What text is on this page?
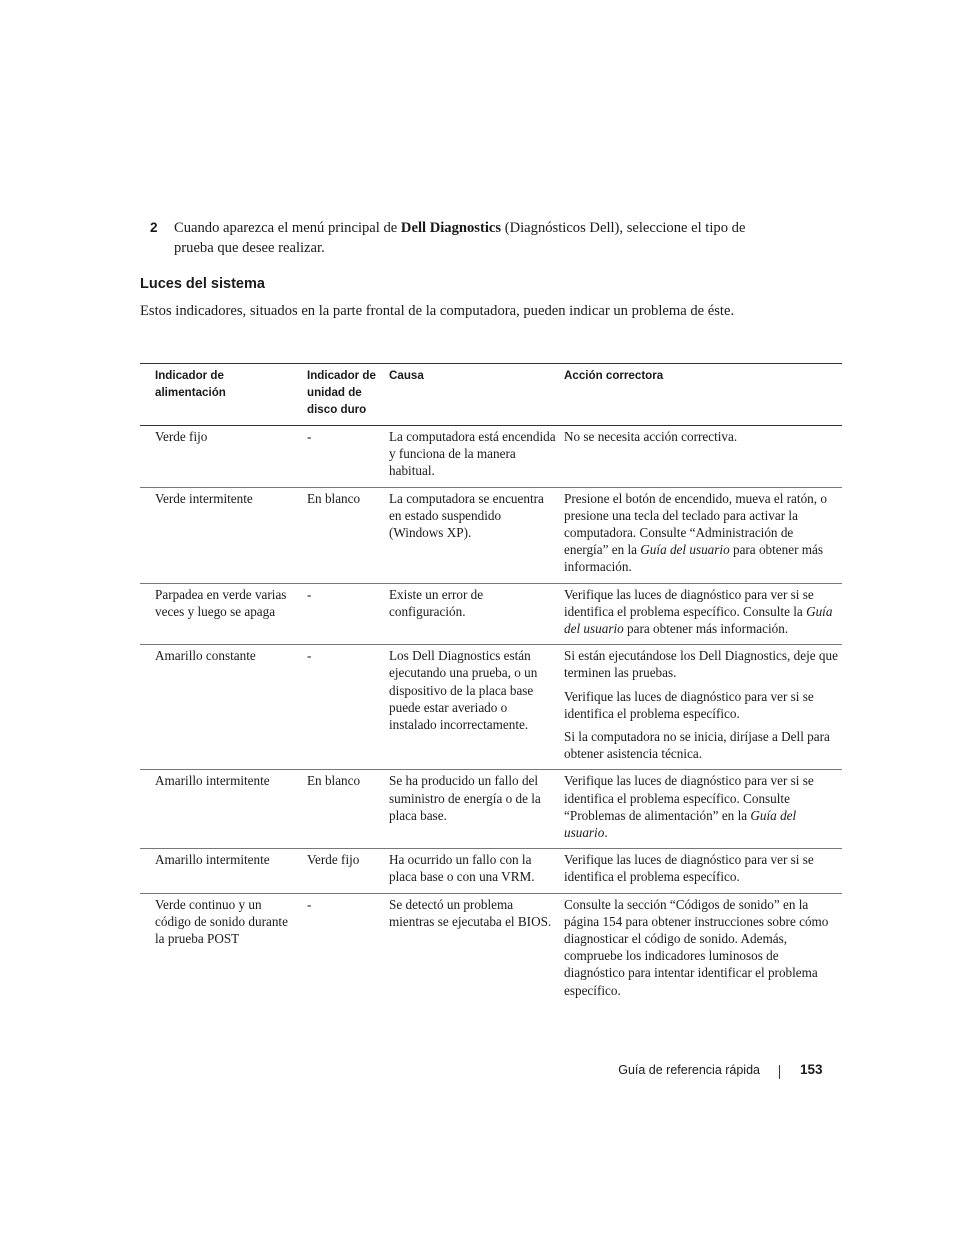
2 Cuando aparezca el menú principal de Dell Diagnostics (Diagnósticos Dell), seleccione el tipo de prueba que desee realizar.
Luces del sistema
Estos indicadores, situados en la parte frontal de la computadora, pueden indicar un problema de éste.
Indicador de alimentación	Indicador de unidad de disco duro	Causa	Acción correctora
Verde fijo	-	La computadora está encendida y funciona de la manera habitual.	No se necesita acción correctiva.

Verde intermitente	En blanco	La computadora se encuentra en estado suspendido (Windows XP).	Presione el botón de encendido, mueva el ratón, o presione una tecla del teclado para activar la computadora. Consulte “Administración de energía” en la Guía del usuario para obtener más información.

Parpadea en verde varias veces y luego se apaga	-	Existe un error de configuración.	Verifique las luces de diagnóstico para ver si se identifica el problema específico. Consulte la Guía del usuario para obtener más información.

Amarillo constante	-	Los Dell Diagnostics están ejecutando una prueba, o un dispositivo de la placa base puede estar averiado o instalado incorrectamente.	Si están ejecutándose los Dell Diagnostics, deje que terminen las pruebas.

Verifique las luces de diagnóstico para ver si se identifica el problema específico.

Si la computadora no se inicia, diríjase a Dell para obtener asistencia técnica.

Amarillo intermitente	En blanco	Se ha producido un fallo del suministro de energía o de la placa base.	Verifique las luces de diagnóstico para ver si se identifica el problema específico. Consulte “Problemas de alimentación” en la Guía del usuario.

Amarillo intermitente	Verde fijo	Ha ocurrido un fallo con la placa base o con una VRM.	Verifique las luces de diagnóstico para ver si se identifica el problema específico.

Verde continuo y un código de sonido durante la prueba POST	-	Se detectó un problema mientras se ejecutaba el BIOS.	Consulte la sección “Códigos de sonido” en la página 154 para obtener instrucciones sobre cómo diagnosticar el código de sonido. Además, compruebe los indicadores luminosos de diagnóstico para intentar identificar el problema específico.

Guía de referencia rápida	153
